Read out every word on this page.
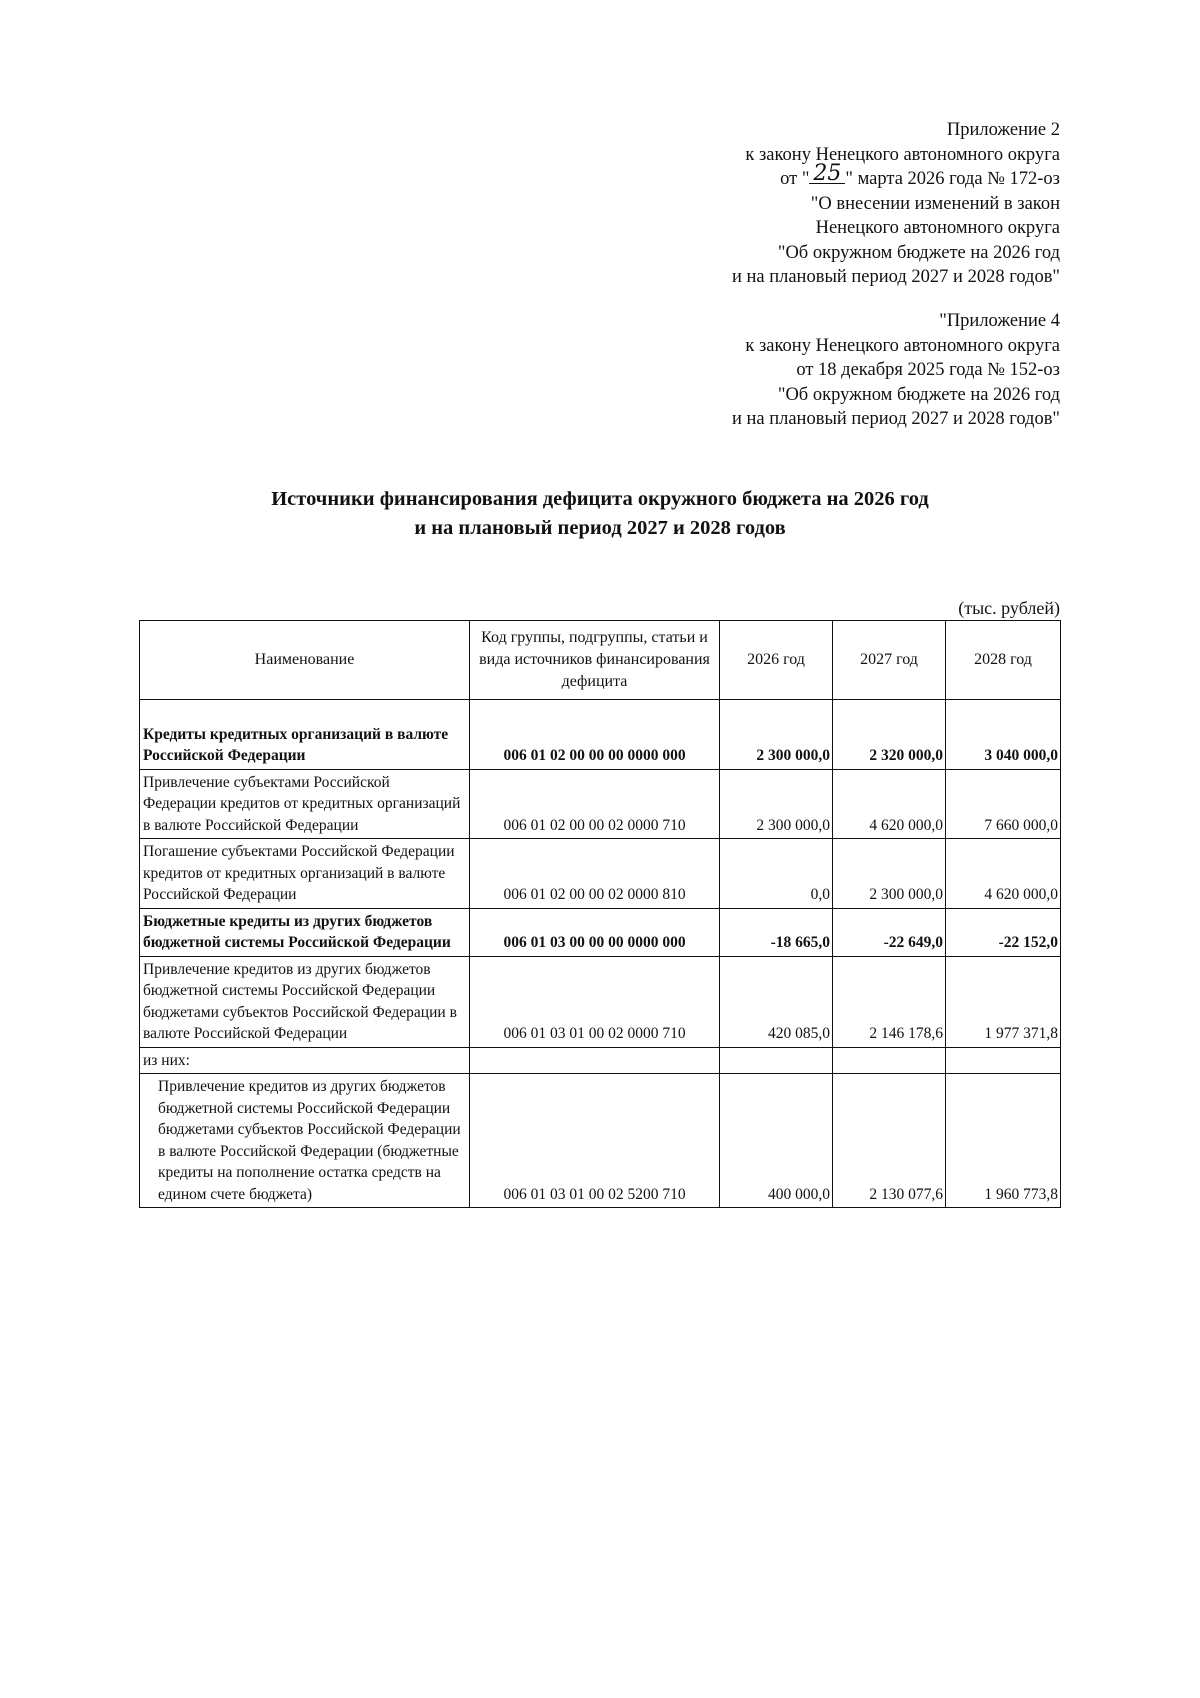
Приложение 2
к закону Ненецкого автономного округа
от " 25 " марта 2026 года № 172-оз
"О внесении изменений в закон
Ненецкого автономного округа
"Об окружном бюджете на 2026 год
и на плановый период 2027 и 2028 годов"
"Приложение 4
к закону Ненецкого автономного округа
от 18 декабря 2025 года № 152-оз
"Об окружном бюджете на 2026 год
и на плановый период 2027 и 2028 годов"
Источники финансирования дефицита окружного бюджета на 2026 год
и на плановый период 2027 и 2028 годов
(тыс. рублей)
Наименование	Код группы, подгруппы, статьи и вида источников финансирования дефицита	2026 год	2027 год	2028 год

Кредиты кредитных организаций в валюте Российской Федерации	006 01 02 00 00 00 0000 000	2 300 000,0	2 320 000,0	3 040 000,0
Привлечение субъектами Российской Федерации кредитов от кредитных организаций в валюте Российской Федерации	006 01 02 00 00 02 0000 710	2 300 000,0	4 620 000,0	7 660 000,0
Погашение субъектами Российской Федерации кредитов от кредитных организаций в валюте Российской Федерации	006 01 02 00 00 02 0000 810	0,0	2 300 000,0	4 620 000,0
Бюджетные кредиты из других бюджетов бюджетной системы Российской Федерации	006 01 03 00 00 00 0000 000	-18 665,0	-22 649,0	-22 152,0
Привлечение кредитов из других бюджетов бюджетной системы Российской Федерации бюджетами субъектов Российской Федерации в валюте Российской Федерации	006 01 03 01 00 02 0000 710	420 085,0	2 146 178,6	1 977 371,8
из них:				
Привлечение кредитов из других бюджетов бюджетной системы Российской Федерации бюджетами субъектов Российской Федерации в валюте Российской Федерации (бюджетные кредиты на пополнение остатка средств на едином счете бюджета)	006 01 03 01 00 02 5200 710	400 000,0	2 130 077,6	1 960 773,8
